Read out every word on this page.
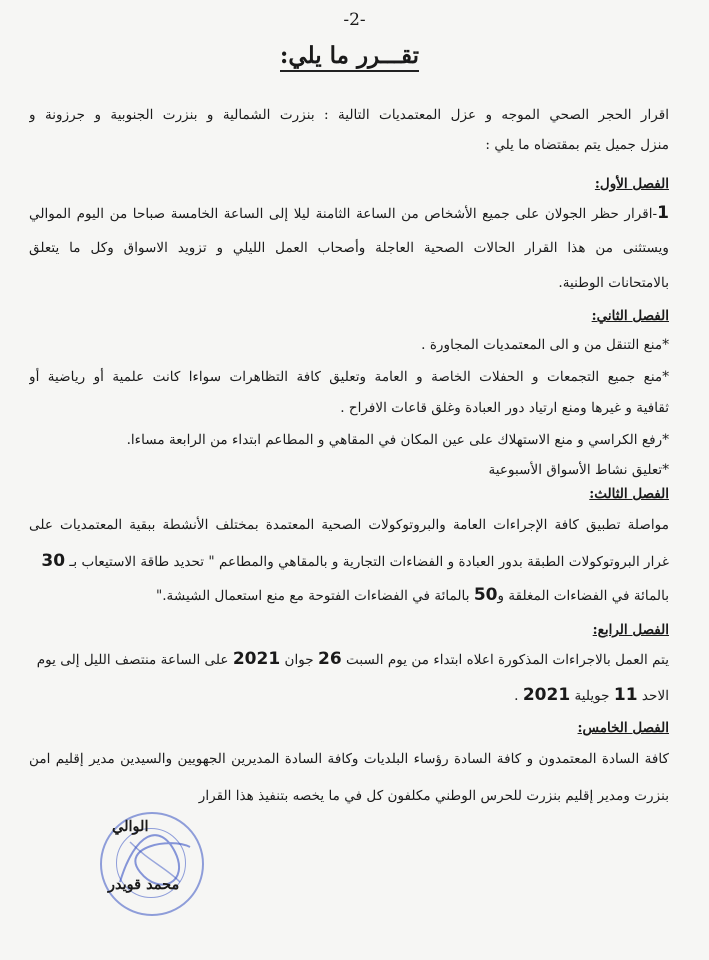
-2-
تقـــرر ما يلي:
اقرار الحجر الصحي الموجه و عزل المعتمديات التالية : بنزرت الشمالية و بنزرت الجنوبية و جرزونة و
منزل جميل يتم بمقتضاه ما يلي :
الفصل الأول:
1-اقرار حظر الجولان على جميع الأشخاص من الساعة الثامنة ليلا إلى الساعة الخامسة صباحا من اليوم الموالي
ويستثنى من هذا القرار الحالات الصحية العاجلة وأصحاب العمل الليلي و تزويد الاسواق وكل ما يتعلق
بالامتحانات الوطنية.
الفصل الثاني:
*منع التنقل من و الى المعتمديات المجاورة .
*منع جميع التجمعات و الحفلات الخاصة و العامة وتعليق كافة التظاهرات سواءا كانت علمية أو رياضية أو
ثقافية و غيرها ومنع ارتياد دور العبادة وغلق قاعات الافراح .
*رفع الكراسي و منع الاستهلاك على عين المكان في المقاهي و المطاعم ابتداء من الرابعة مساءا.
*تعليق نشاط الأسواق الأسبوعية
الفصل الثالث:
مواصلة تطبيق كافة الإجراءات العامة والبروتوكولات الصحية المعتمدة بمختلف الأنشطة ببقية المعتمديات على
غرار البروتوكولات الطبقة بدور العبادة و الفضاءات التجارية و بالمقاهي والمطاعم " تحديد طاقة الاستيعاب بـ 30
بالمائة في الفضاءات المغلقة و50 بالمائة في الفضاءات الفتوحة مع منع استعمال الشيشة."
الفصل الرابع:
يتم العمل بالاجراءات المذكورة اعلاه ابتداء من يوم السبت 26 جوان 2021 على الساعة منتصف الليل إلى يوم
الاحد 11 جويلية 2021 .
الفصل الخامس:
كافة السادة المعتمدون و كافة السادة رؤساء البلديات وكافة السادة المديرين الجهويين والسيدين مدير إقليم امن
بنزرت ومدير إقليم بنزرت للحرس الوطني مكلفون كل في ما يخصه بتنفيذ هذا القرار
الوالي
محمد قويدر
